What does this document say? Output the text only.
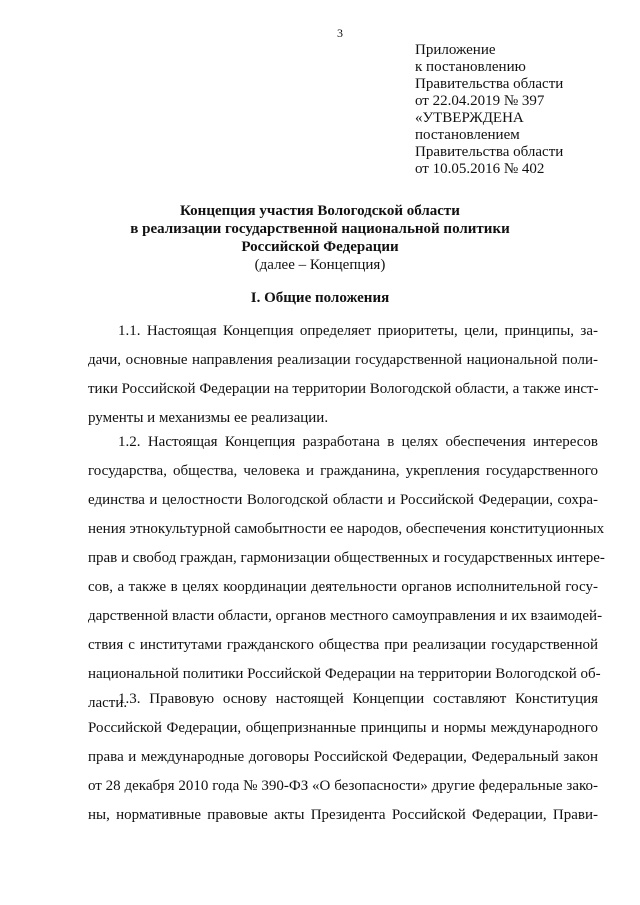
3
Приложение
к постановлению
Правительства области
от 22.04.2019 № 397
«УТВЕРЖДЕНА
постановлением
Правительства области
от 10.05.2016 № 402
Концепция участия Вологодской области
в реализации государственной национальной политики
Российской Федерации
(далее – Концепция)
I. Общие положения
1.1. Настоящая Концепция определяет приоритеты, цели, принципы, за-
дачи, основные направления реализации государственной национальной поли-
тики Российской Федерации на территории Вологодской области, а также инст-
рументы и механизмы ее реализации.
1.2. Настоящая Концепция разработана в целях обеспечения интересов
государства, общества, человека и гражданина, укрепления государственного
единства и целостности Вологодской области и Российской Федерации, сохра-
нения этнокультурной самобытности ее народов, обеспечения конституционных
прав и свобод граждан, гармонизации общественных и государственных интере-
сов, а также в целях координации деятельности органов исполнительной госу-
дарственной власти области, органов местного самоуправления и их взаимодей-
ствия с институтами гражданского общества при реализации государственной
национальной политики Российской Федерации на территории Вологодской об-
ласти.
1.3. Правовую основу настоящей Концепции составляют Конституция
Российской Федерации, общепризнанные принципы и нормы международного
права и международные договоры Российской Федерации, Федеральный закон
от 28 декабря 2010 года № 390-ФЗ «О безопасности» другие федеральные зако-
ны, нормативные правовые акты Президента Российской Федерации, Прави-
